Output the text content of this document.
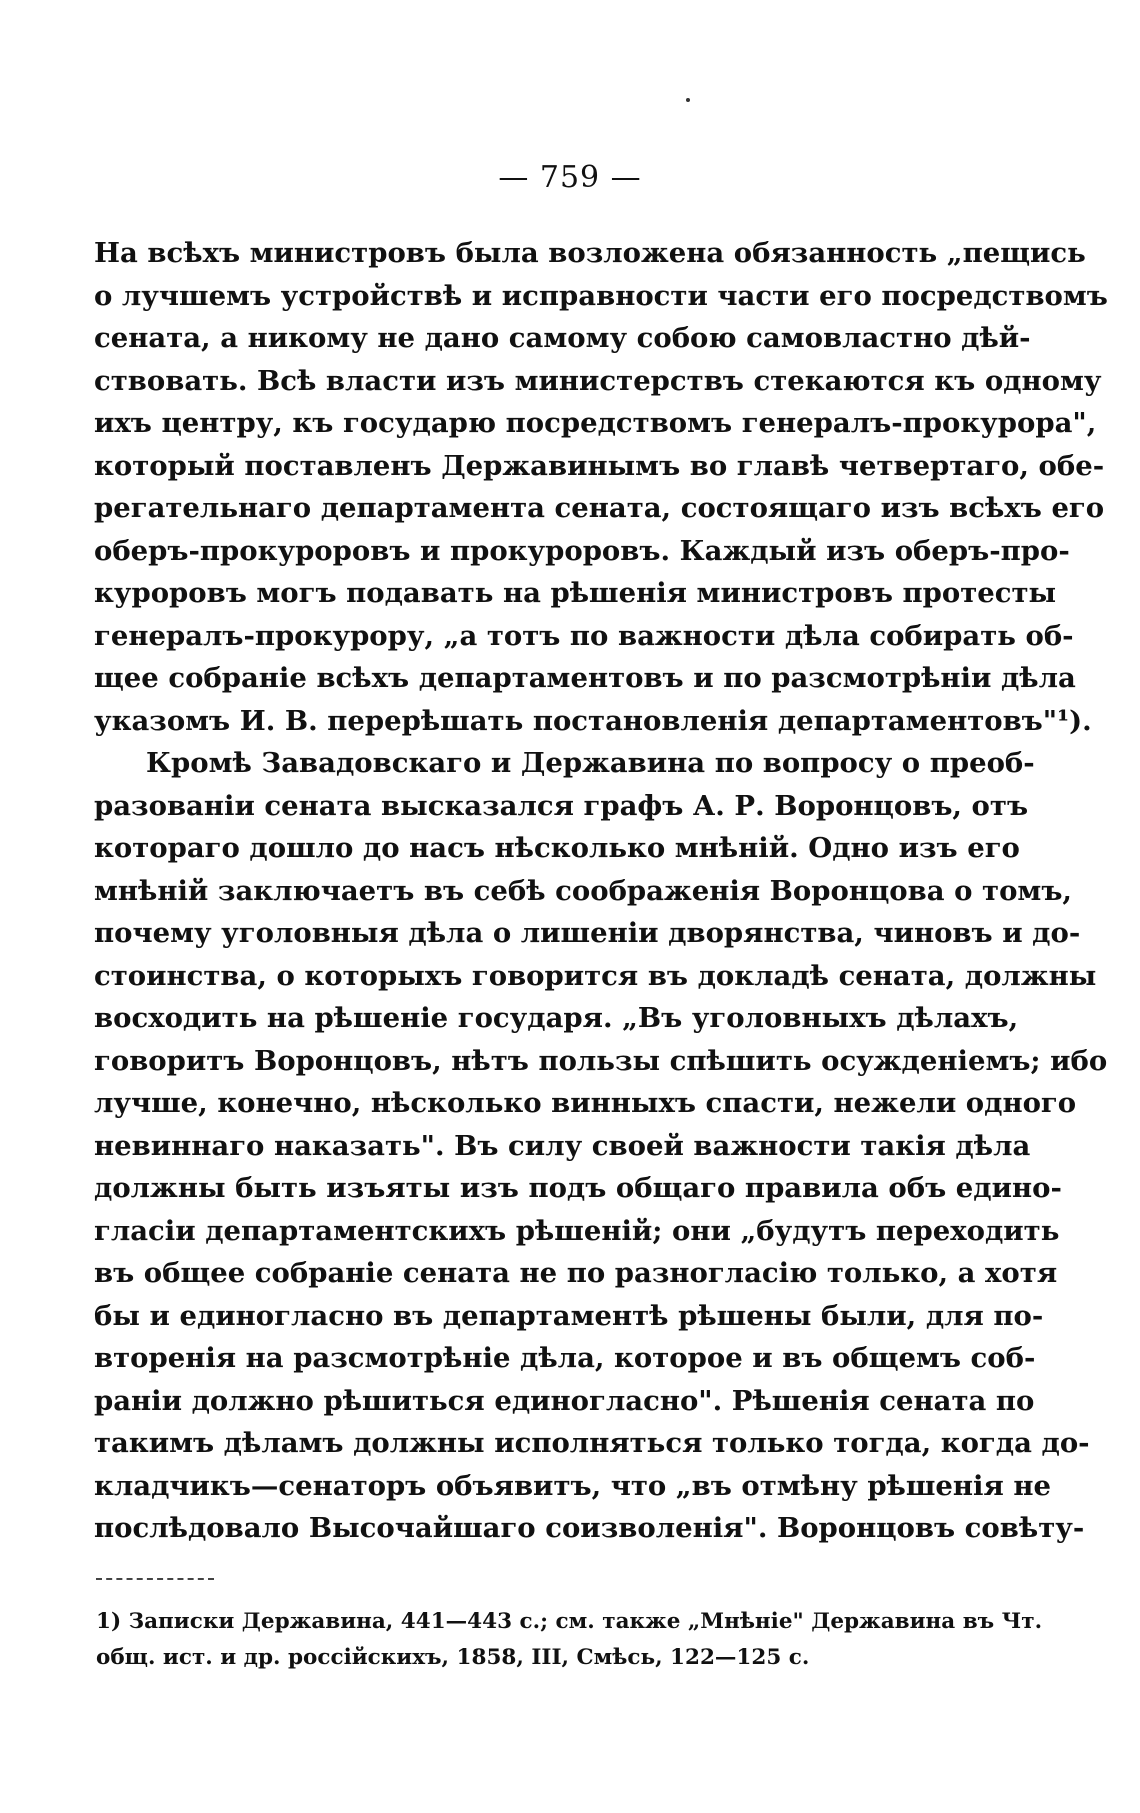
— 759 —
На всѣхъ министровъ была возложена обязанность „пещись
о лучшемъ устройствѣ и исправности части его посредствомъ
сената, а никому не дано самому собою самовластно дѣй-
ствовать. Всѣ власти изъ министерствъ стекаются къ одному
ихъ центру, къ государю посредствомъ генералъ-прокурора",
который поставленъ Державинымъ во главѣ четвертаго, обе-
регательнаго департамента сената, состоящаго изъ всѣхъ его
оберъ-прокуроровъ и прокуроровъ. Каждый изъ оберъ-про-
куроровъ могъ подавать на рѣшенія министровъ протесты
генералъ-прокурору, „а тотъ по важности дѣла собирать об-
щее собраніе всѣхъ департаментовъ и по разсмотрѣніи дѣла
указомъ И. В. перерѣшать постановленія департаментовъ"¹).
Кромѣ Завадовскаго и Державина по вопросу о преоб-
разованіи сената высказался графъ А. Р. Воронцовъ, отъ
котораго дошло до насъ нѣсколько мнѣній. Одно изъ его
мнѣній заключаетъ въ себѣ соображенія Воронцова о томъ,
почему уголовныя дѣла о лишеніи дворянства, чиновъ и до-
стоинства, о которыхъ говорится въ докладѣ сената, должны
восходить на рѣшеніе государя. „Въ уголовныхъ дѣлахъ,
говоритъ Воронцовъ, нѣтъ пользы спѣшить осужденіемъ; ибо
лучше, конечно, нѣсколько винныхъ спасти, нежели одного
невиннаго наказать". Въ силу своей важности такія дѣла
должны быть изъяты изъ подъ общаго правила объ едино-
гласіи департаментскихъ рѣшеній; они „будутъ переходить
въ общее собраніе сената не по разногласію только, а хотя
бы и единогласно въ департаментѣ рѣшены были, для по-
вторенія на разсмотрѣніе дѣла, которое и въ общемъ соб-
раніи должно рѣшиться единогласно". Рѣшенія сената по
такимъ дѣламъ должны исполняться только тогда, когда до-
кладчикъ—сенаторъ объявитъ, что „въ отмѣну рѣшенія не
послѣдовало Высочайшаго соизволенія". Воронцовъ совѣту-
1) Записки Державина, 441—443 с.; см. также „Мнѣніе" Державина въ Чт.
общ. ист. и др. россійскихъ, 1858, III, Смѣсь, 122—125 с.
